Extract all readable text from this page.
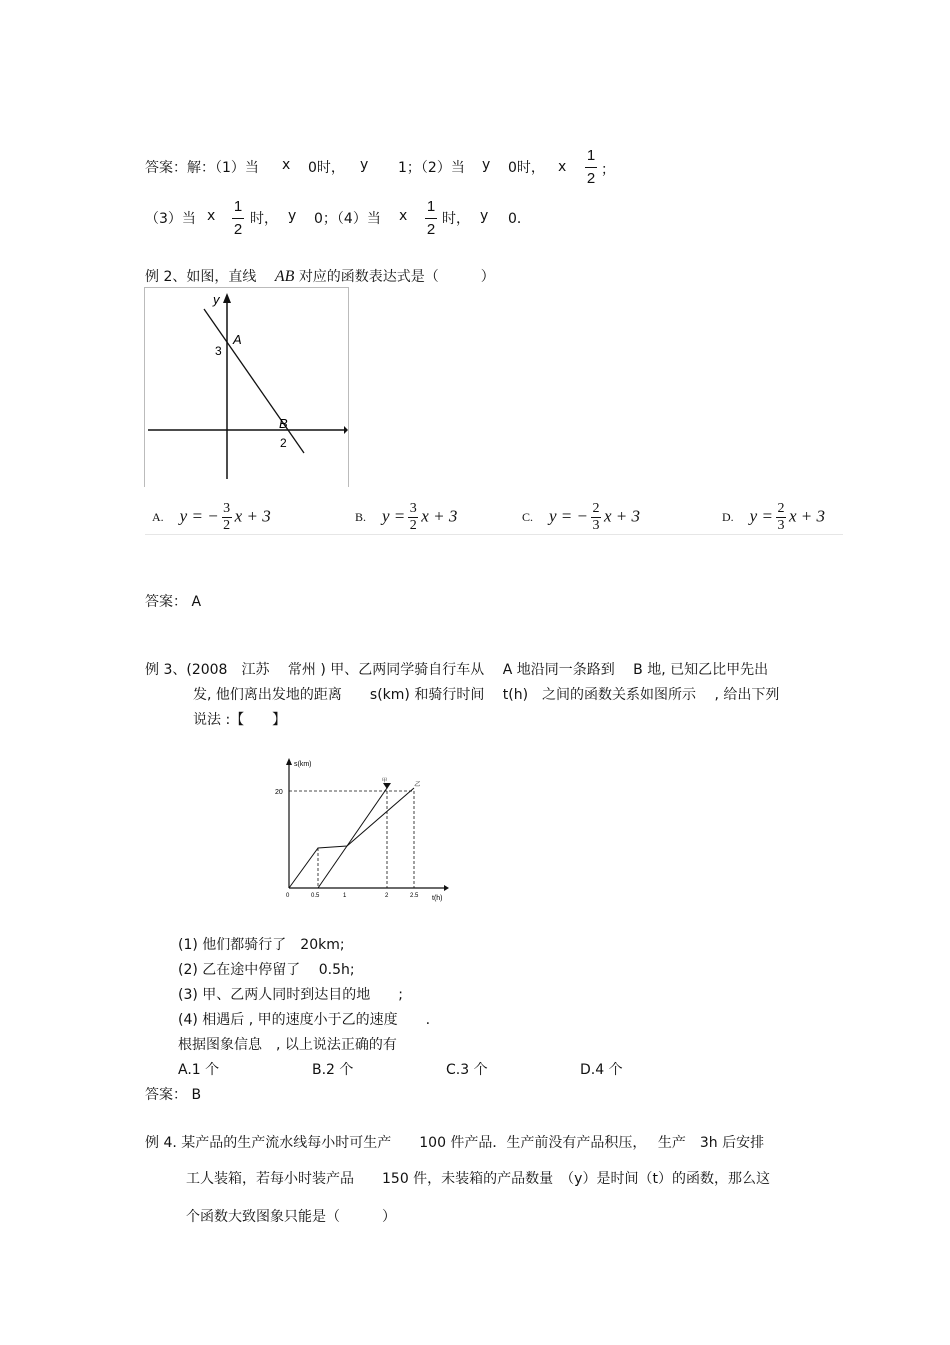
答案：解：（1）当 x 0时， y 1；（2）当 y 0时， x
1
2 ；
（3）当 x
1
2
时， y 0；（4）当 x
1
2
时， y 0．
例 2、如图，直线 AB 对应的函数表达式是（　　　）
y
A
3
B
2
A. y = − $\frac{3}{2}$ x + 3	B. $y = \frac{3}{2}$ x + 3	C. y = − $\frac{2}{3}$ x + 3	D. $y = \frac{2}{3}$ x + 3
答案： A
例 3、(2008　江苏　 常州 ) 甲、乙两同学骑自行车从　 A 地沿同一条路到　 B 地, 已知乙比甲先出
发, 他们离出发地的距离　　s(km) 和骑行时间　 t(h)　之间的函数关系如图所示　 , 给出下列
说法 :【　　】
s(km)
t(h)
20
0	0.5	1	2	2.5
甲
乙
(1) 他们都骑行了　20km;
(2) 乙在途中停留了　 0.5h;
(3) 甲、乙两人同时到达目的地　　;
(4) 相遇后 , 甲的速度小于乙的速度　　.
根据图象信息　, 以上说法正确的有
A.1 个	B.2 个	C.3 个	D.4 个
答案： B
例 4. 某产品的生产流水线每小时可生产　　100 件产品．生产前没有产品积压，　 生产　3h 后安排
工人装箱，若每小时装产品　　150 件，未装箱的产品数量　（y）是时间（t）的函数，那么这
个函数大致图象只能是（　　　）
